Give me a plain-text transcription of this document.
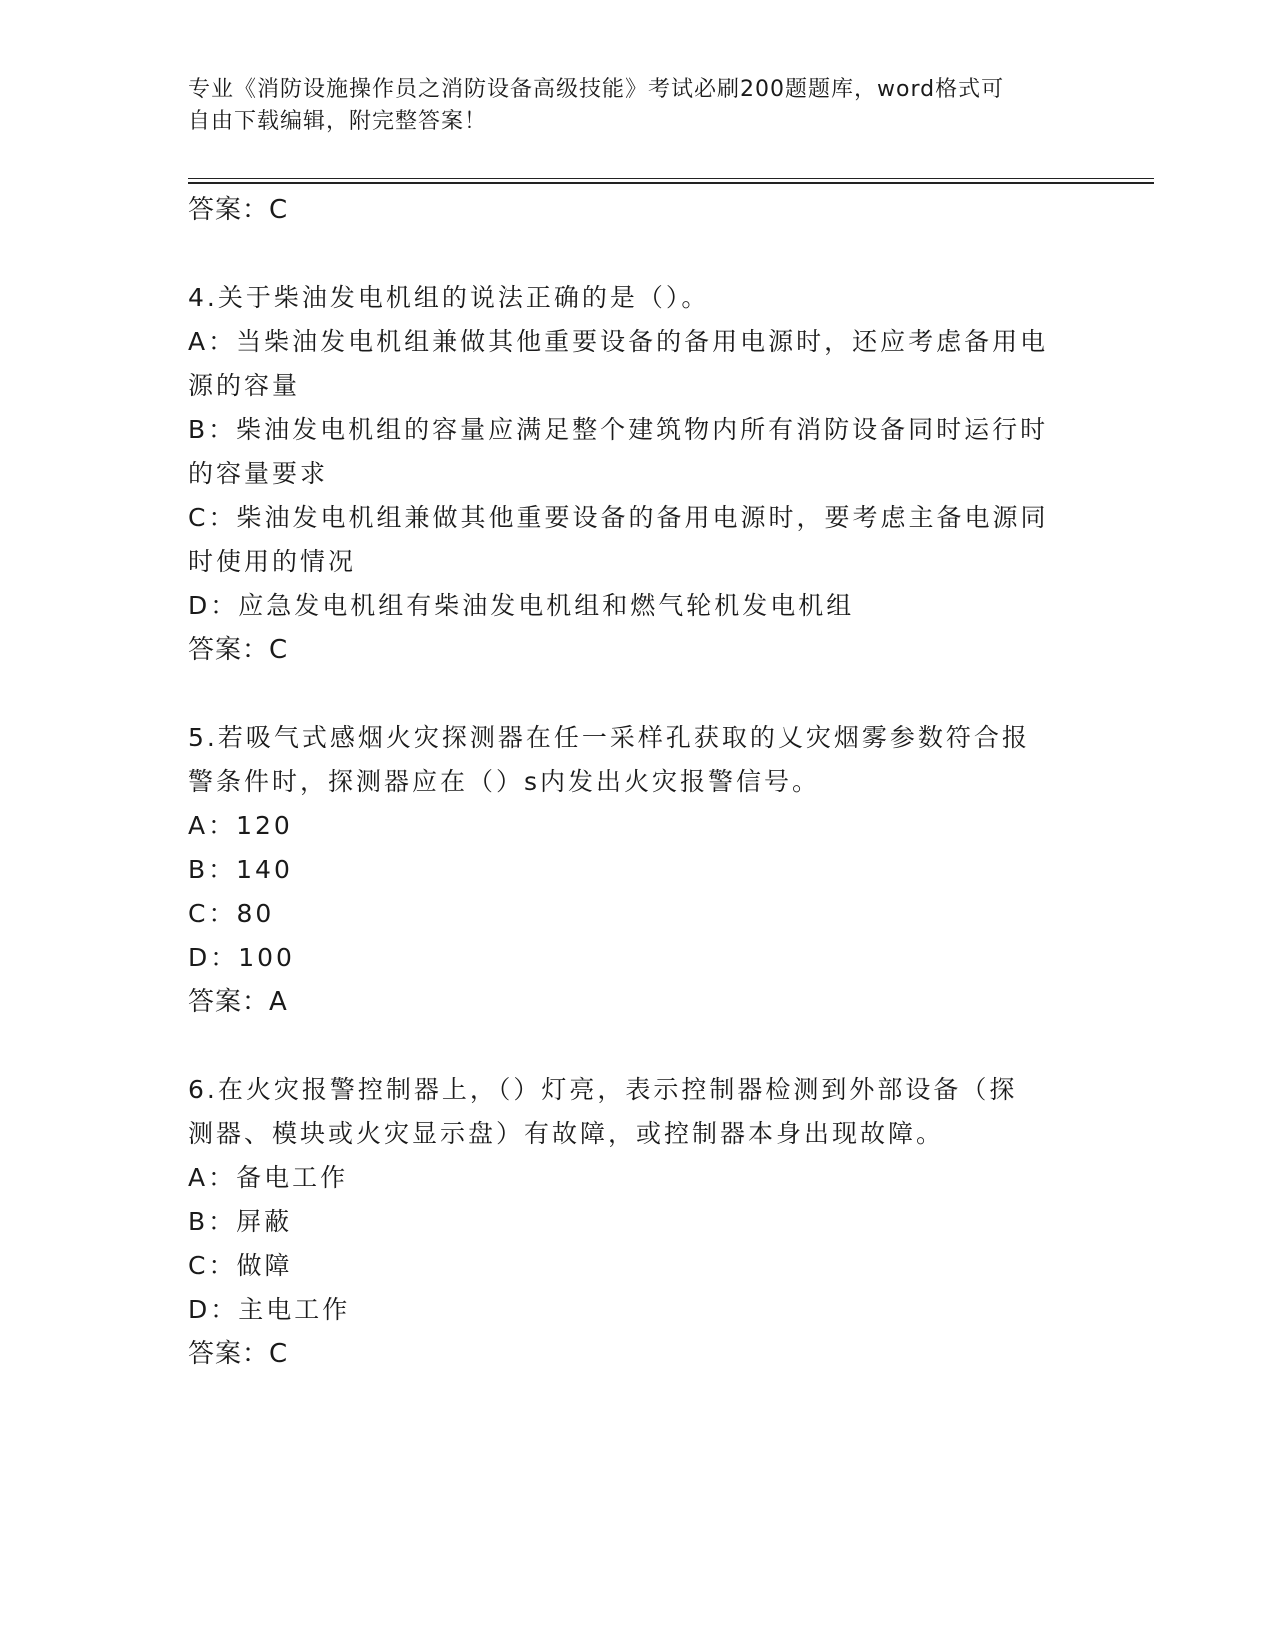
专业《消防设施操作员之消防设备高级技能》考试必刷200题题库，word格式可
自由下载编辑，附完整答案！
答案：C
4.关于柴油发电机组的说法正确的是（）。
A：当柴油发电机组兼做其他重要设备的备用电源时，还应考虑备用电
源的容量
B：柴油发电机组的容量应满足整个建筑物内所有消防设备同时运行时
的容量要求
C：柴油发电机组兼做其他重要设备的备用电源时，要考虑主备电源同
时使用的情况
D：应急发电机组有柴油发电机组和燃气轮机发电机组
答案：C
5.若吸气式感烟火灾探测器在任一采样孔获取的乂灾烟雾参数符合报
警条件时，探测器应在（）s内发出火灾报警信号。
A：120
B：140
C：80
D：100
答案：A
6.在火灾报警控制器上，（）灯亮，表示控制器检测到外部设备（探
测器、模块或火灾显示盘）有故障，或控制器本身出现故障。
A：备电工作
B：屏蔽
C：做障
D：主电工作
答案：C
